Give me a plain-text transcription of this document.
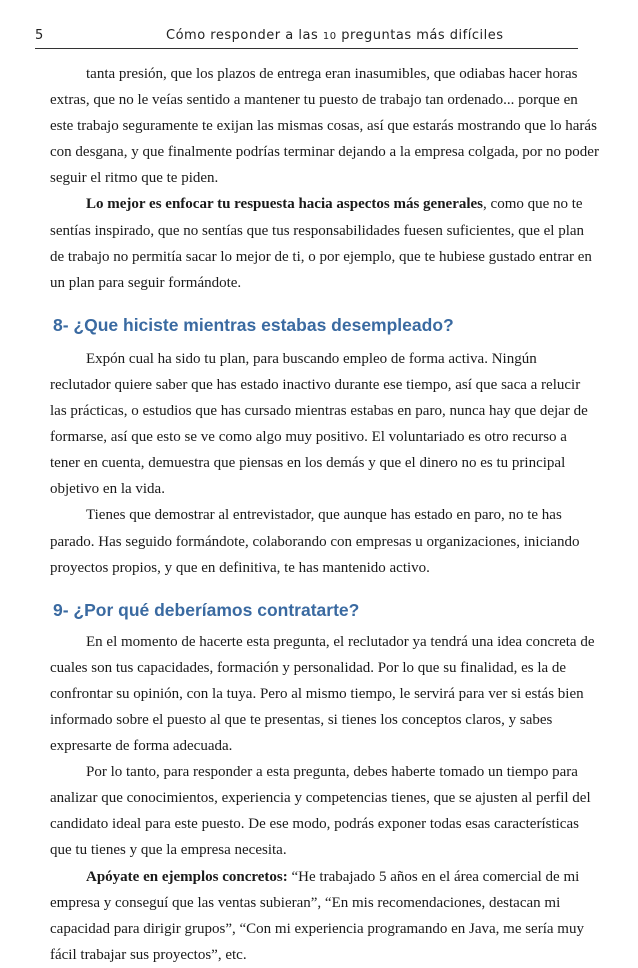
5	Cómo responder a las 10 preguntas más difíciles

tanta presión, que los plazos de entrega eran inasumibles, que odiabas hacer horas extras, que no le veías sentido a mantener tu puesto de trabajo tan ordenado... porque en este trabajo seguramente te exijan las mismas cosas, así que estarás mostrando que lo harás con desgana, y que finalmente podrías terminar dejando a la empresa colgada, por no poder seguir el ritmo que te piden.

Lo mejor es enfocar tu respuesta hacia aspectos más generales, como que no te sentías inspirado, que no sentías que tus responsabilidades fuesen suficientes, que el plan de trabajo no permitía sacar lo mejor de ti, o por ejemplo, que te hubiese gustado entrar en un plan para seguir formándote.

8- ¿Que hiciste mientras estabas desempleado?

Expón cual ha sido tu plan, para buscando empleo de forma activa. Ningún reclutador quiere saber que has estado inactivo durante ese tiempo, así que saca a relucir las prácticas, o estudios que has cursado mientras estabas en paro, nunca hay que dejar de formarse, así que esto se ve como algo muy positivo. El voluntariado es otro recurso a tener en cuenta, demuestra que piensas en los demás y que el dinero no es tu principal objetivo en la vida.

Tienes que demostrar al entrevistador, que aunque has estado en paro, no te has parado. Has seguido formándote, colaborando con empresas u organizaciones, iniciando proyectos propios, y que en definitiva, te has mantenido activo.

9- ¿Por qué deberíamos contratarte?

En el momento de hacerte esta pregunta, el reclutador ya tendrá una idea concreta de cuales son tus capacidades, formación y personalidad. Por lo que su finalidad, es la de confrontar su opinión, con la tuya. Pero al mismo tiempo, le servirá para ver si estás bien informado sobre el puesto al que te presentas, si tienes los conceptos claros, y sabes expresarte de forma adecuada.

Por lo tanto, para responder a esta pregunta, debes haberte tomado un tiempo para analizar que conocimientos, experiencia y competencias tienes, que se ajusten al perfil del candidato ideal para este puesto. De ese modo, podrás exponer todas esas características que tu tienes y que la empresa necesita.

Apóyate en ejemplos concretos: “He trabajado 5 años en el área comercial de mi empresa y conseguí que las ventas subieran”, “En mis recomendaciones, destacan mi capacidad para dirigir grupos”, “Con mi experiencia programando en Java, me sería muy fácil trabajar sus proyectos”, etc.
